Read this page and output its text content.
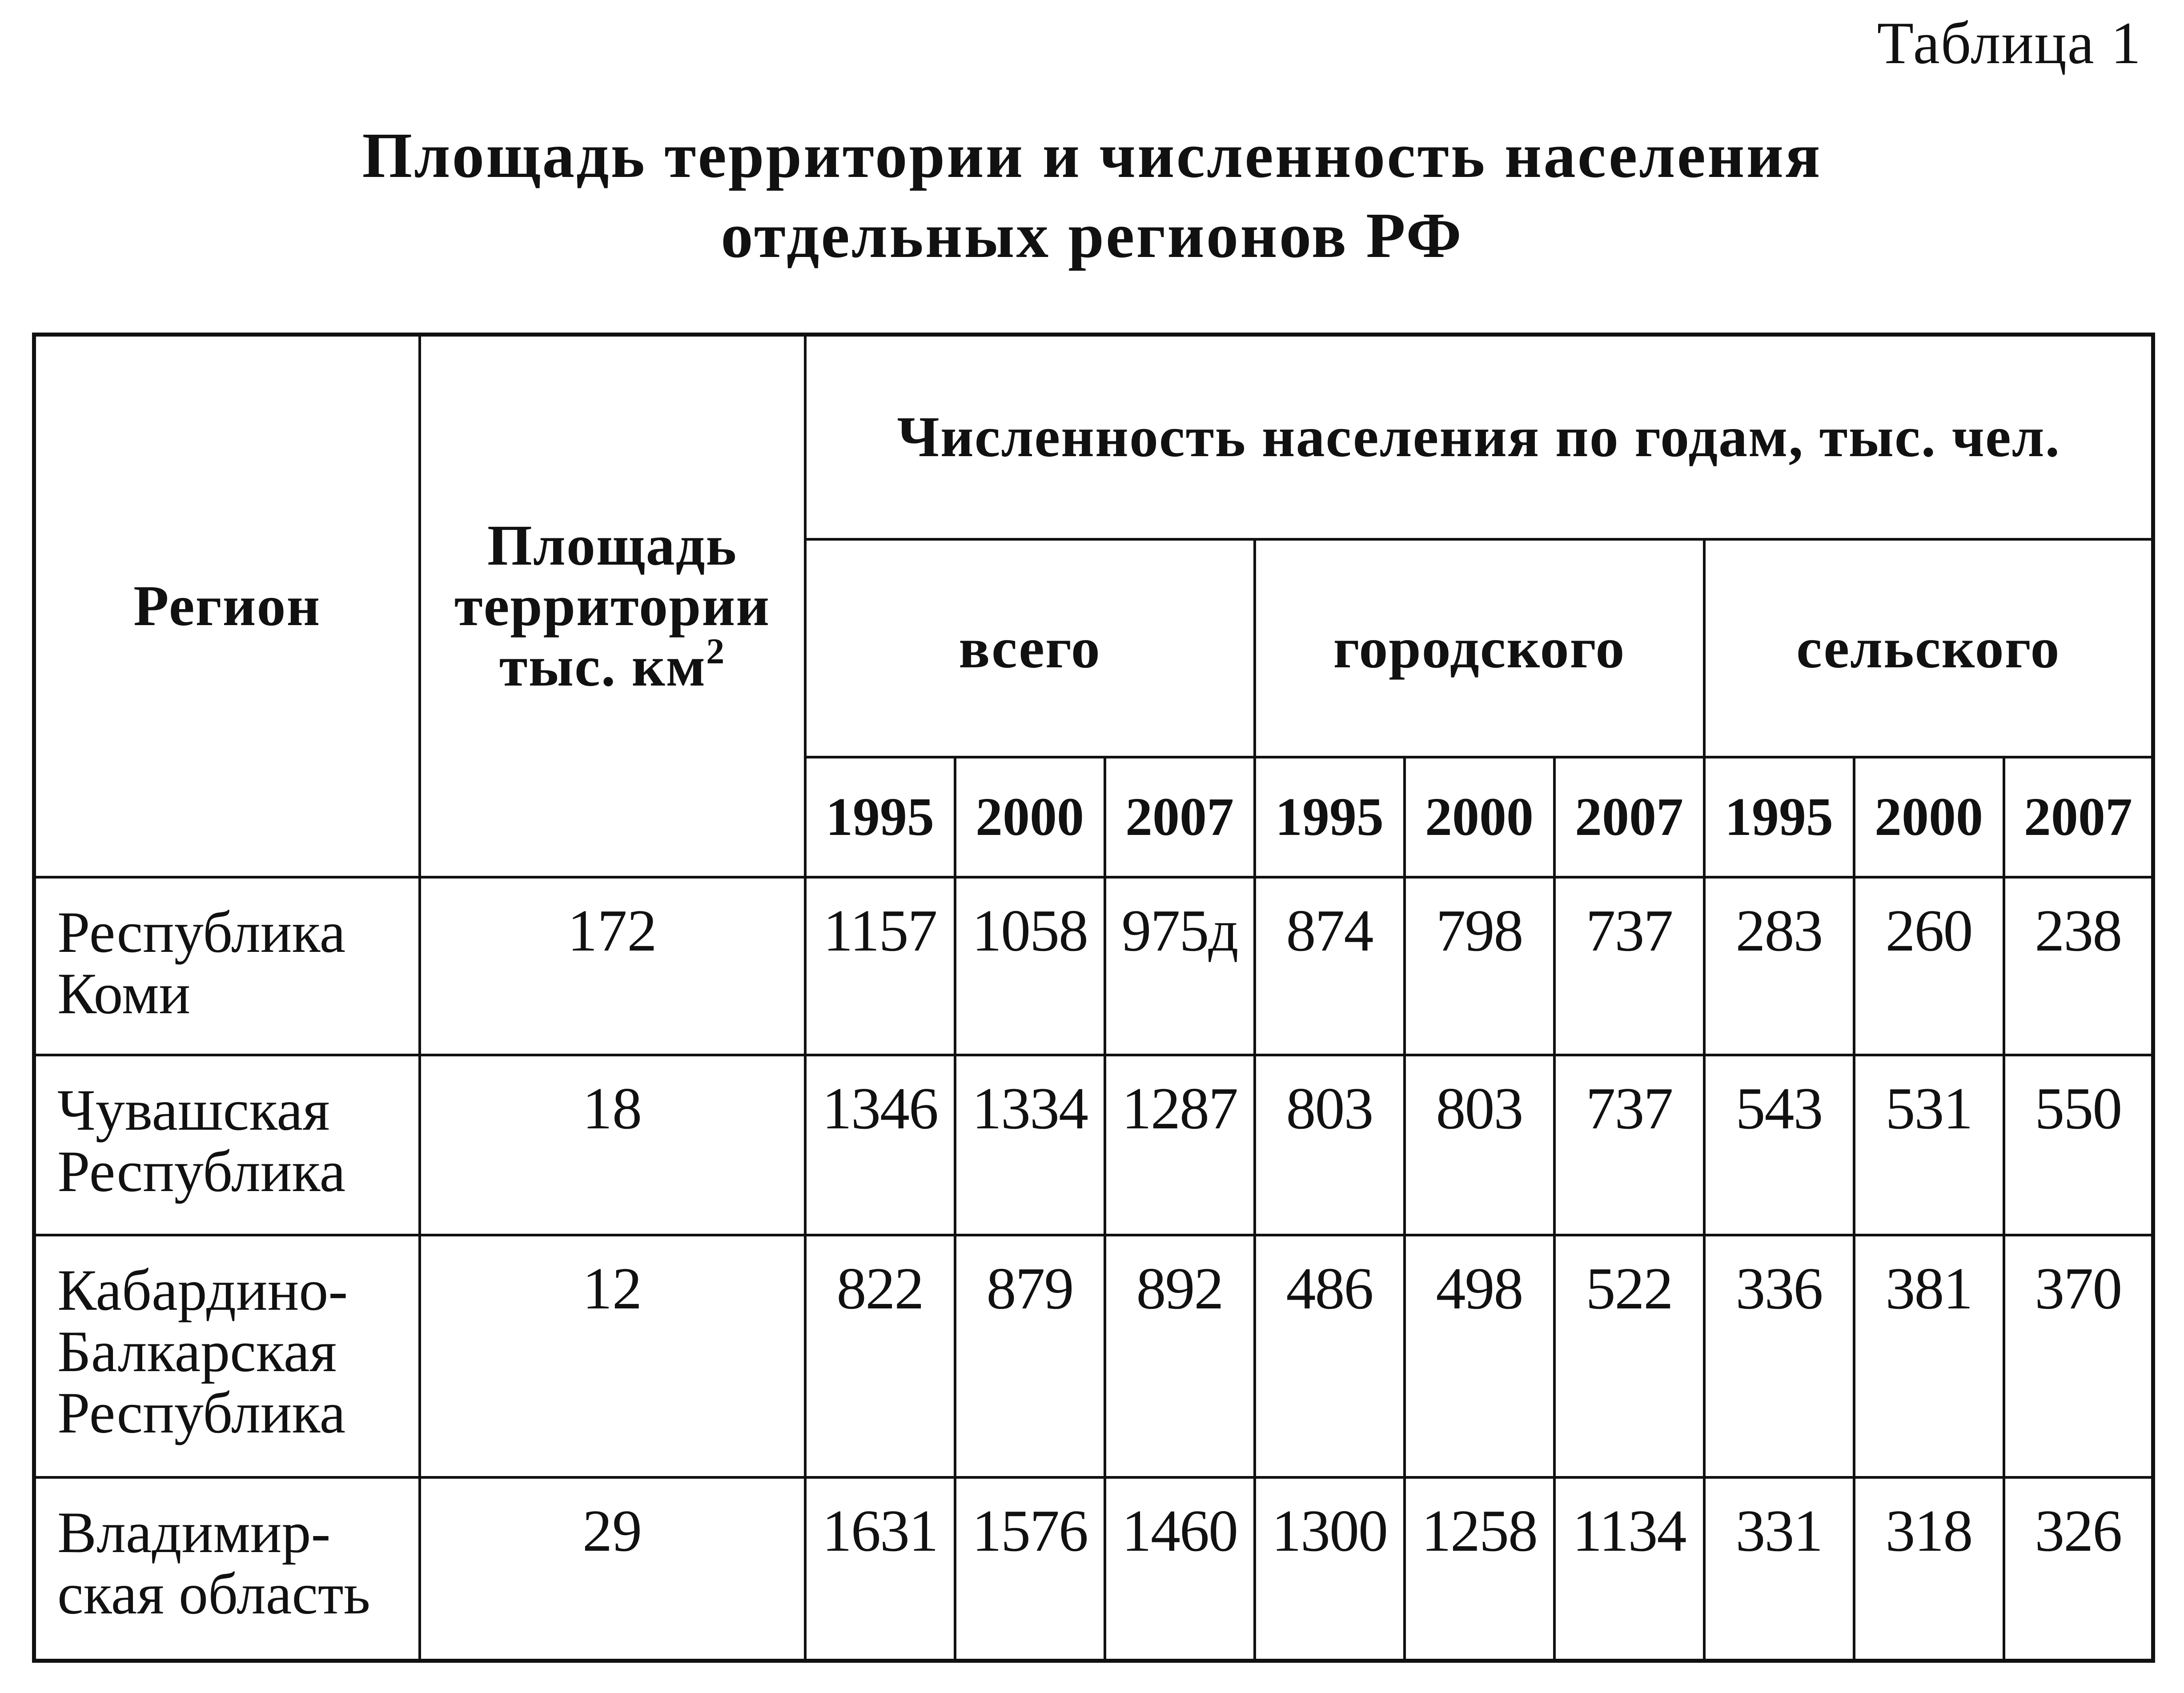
Таблица 1
Площадь территории и численность населения
отдельных регионов РФ
Регион	Площадь
территории
тыс. $км^2$	Численность населения по годам, тыс. чел.								
		всего			городского			сельского		
		1995	2000	2007	1995	2000	2007	1995	2000	2007
Республика
Коми	172	1157	1058	975д	874	798	737	283	260	238
Чувашская
Республика	18	1346	1334	1287	803	803	737	543	531	550
Кабардино-
Балкарская
Республика	12	822	879	892	486	498	522	336	381	370
Владимир-
ская область	29	1631	1576	1460	1300	1258	1134	331	318	326
